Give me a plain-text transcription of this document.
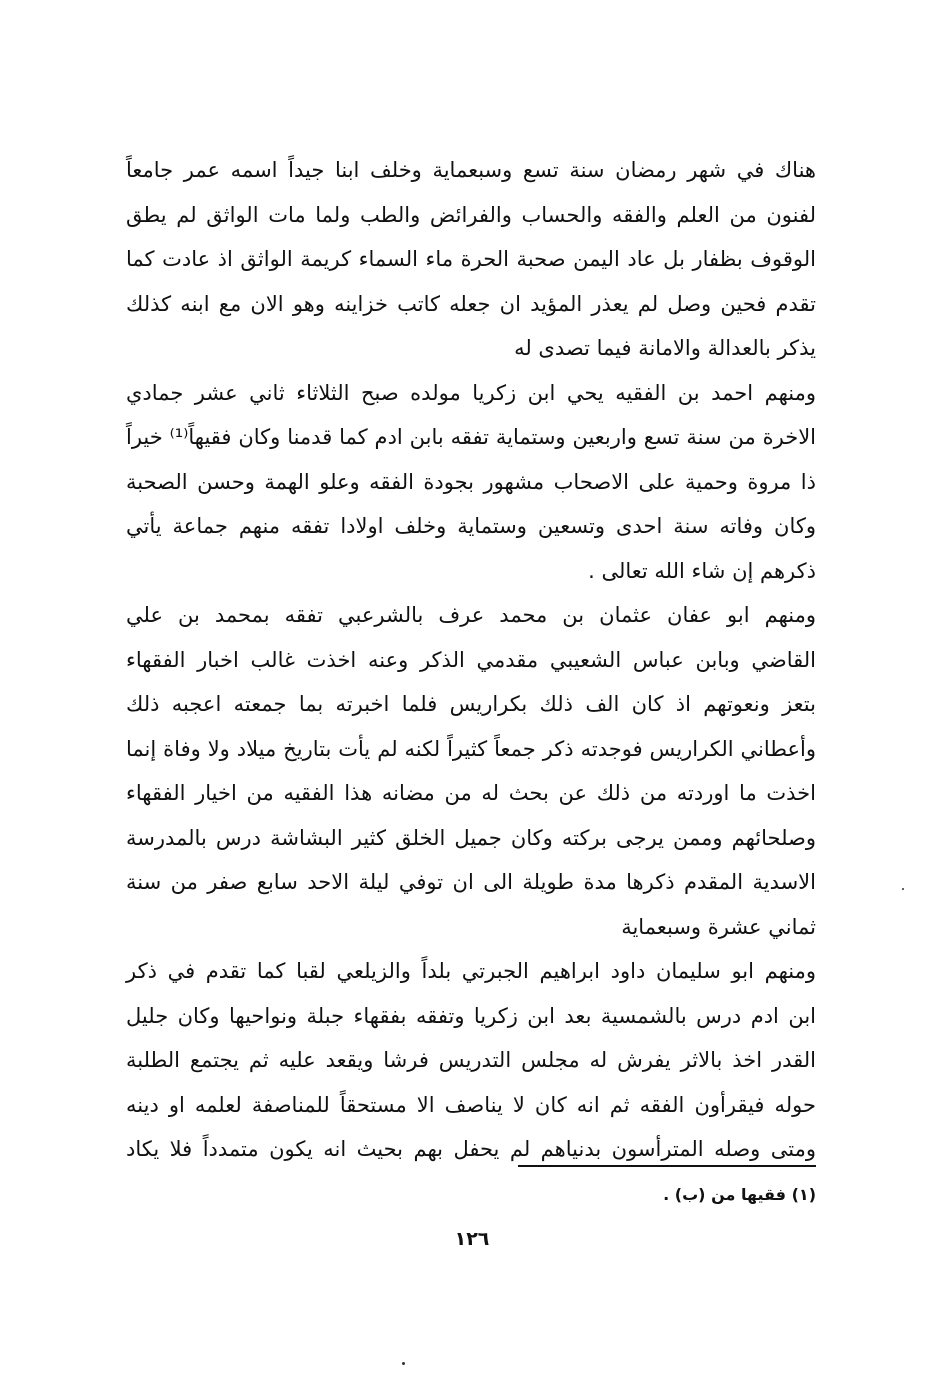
هناك في شهر رمضان سنة تسع وسبعماية وخلف ابنا جيداً اسمه عمر جامعاً
لفنون من العلم والفقه والحساب والفرائض والطب ولما مات الواثق لم يطق
الوقوف بظفار بل عاد اليمن صحبة الحرة ماء السماء كريمة الواثق اذ عادت كما
تقدم فحين وصل لم يعذر المؤيد ان جعله كاتب خزاينه وهو الان مع ابنه كذلك
يذكر بالعدالة والامانة فيما تصدى له
ومنهم احمد بن الفقيه يحي ابن زكريا مولده صبح الثلاثاء ثاني عشر جمادي
الاخرة من سنة تسع واربعين وستماية تفقه بابن ادم كما قدمنا وكان فقيهاً⁽¹⁾ خيراً
ذا مروة وحمية على الاصحاب مشهور بجودة الفقه وعلو الهمة وحسن الصحبة
وكان وفاته سنة احدى وتسعين وستماية وخلف اولادا تفقه منهم جماعة يأتي
ذكرهم إن شاء الله تعالى .
ومنهم ابو عفان عثمان بن محمد عرف بالشرعبي تفقه بمحمد بن علي
القاضي وبابن عباس الشعيبي مقدمي الذكر وعنه اخذت غالب اخبار الفقهاء
بتعز ونعوتهم اذ كان الف ذلك بكراريس فلما اخبرته بما جمعته اعجبه ذلك
وأعطاني الكراريس فوجدته ذكر جمعاً كثيراً لكنه لم يأت بتاريخ ميلاد ولا وفاة إنما
اخذت ما اوردته من ذلك عن بحث له من مضانه هذا الفقيه من اخيار الفقهاء
وصلحائهم وممن يرجى بركته وكان جميل الخلق كثير البشاشة درس بالمدرسة
الاسدية المقدم ذكرها مدة طويلة الى ان توفي ليلة الاحد سابع صفر من سنة
ثماني عشرة وسبعماية
ومنهم ابو سليمان داود ابراهيم الجبرتي بلداً والزيلعي لقبا كما تقدم في ذكر
ابن ادم درس بالشمسية بعد ابن زكريا وتفقه بفقهاء جبلة ونواحيها وكان جليل
القدر اخذ بالاثر يفرش له مجلس التدريس فرشا ويقعد عليه ثم يجتمع الطلبة
حوله فيقرأون الفقه ثم انه كان لا يناصف الا مستحقاً للمناصفة لعلمه او دينه
ومتى وصله المترأسون بدنياهم لم يحفل بهم بحيث انه يكون متمدداً فلا يكاد
(١) فقيها من (ب) .
١٢٦
